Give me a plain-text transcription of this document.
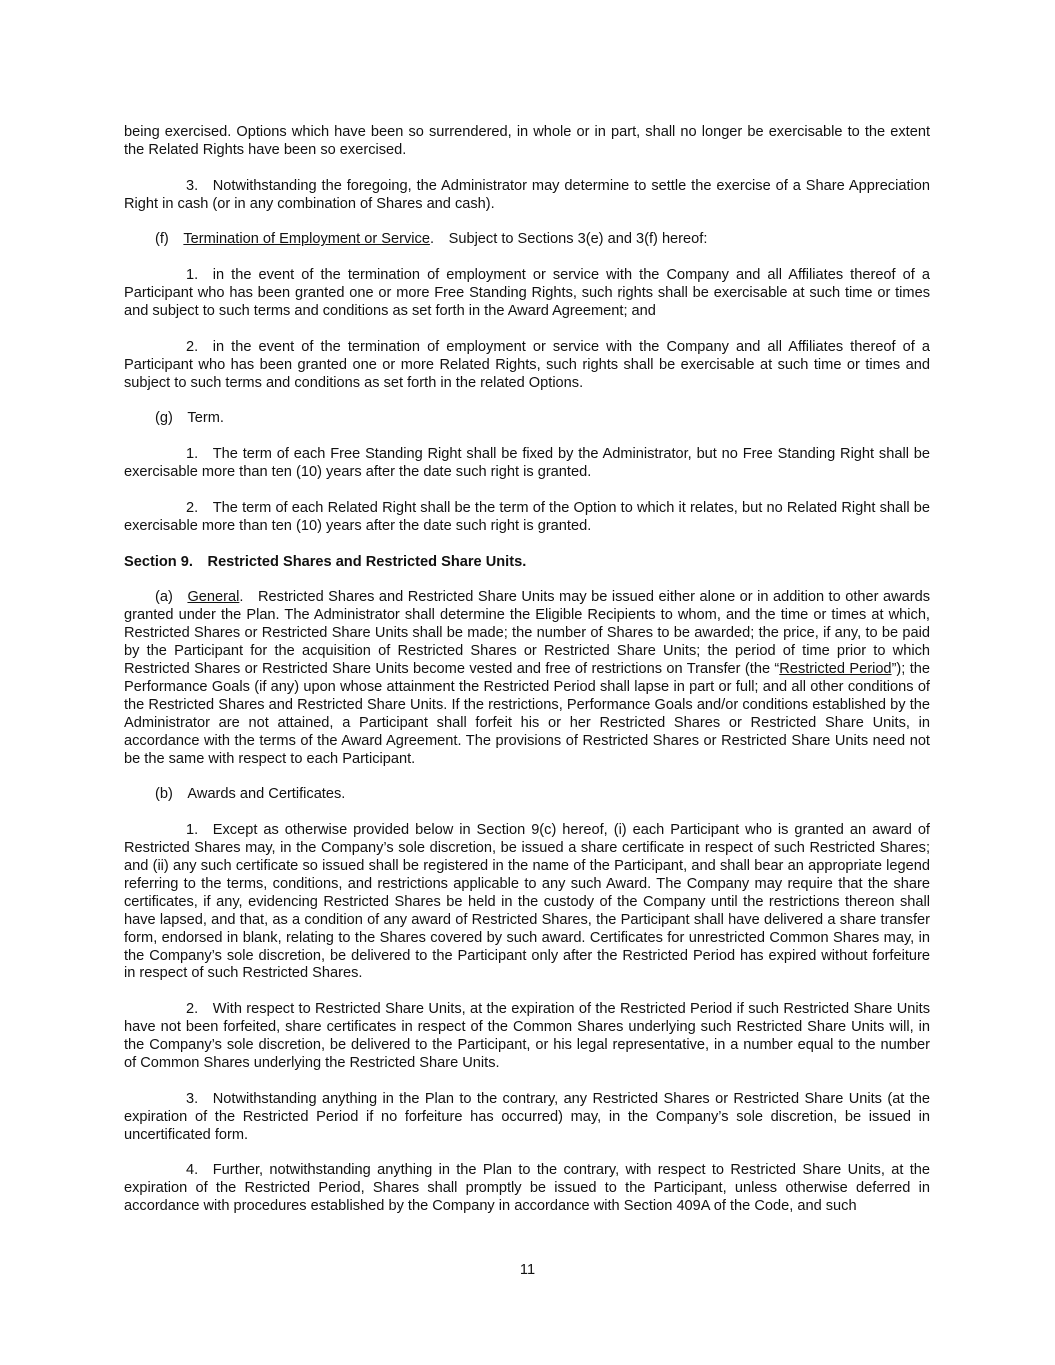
being exercised. Options which have been so surrendered, in whole or in part, shall no longer be exercisable to the extent the Related Rights have been so exercised.

3. Notwithstanding the foregoing, the Administrator may determine to settle the exercise of a Share Appreciation Right in cash (or in any combination of Shares and cash).

(f) Termination of Employment or Service. Subject to Sections 3(e) and 3(f) hereof:

1. in the event of the termination of employment or service with the Company and all Affiliates thereof of a Participant who has been granted one or more Free Standing Rights, such rights shall be exercisable at such time or times and subject to such terms and conditions as set forth in the Award Agreement; and

2. in the event of the termination of employment or service with the Company and all Affiliates thereof of a Participant who has been granted one or more Related Rights, such rights shall be exercisable at such time or times and subject to such terms and conditions as set forth in the related Options.

(g) Term.

1. The term of each Free Standing Right shall be fixed by the Administrator, but no Free Standing Right shall be exercisable more than ten (10) years after the date such right is granted.

2. The term of each Related Right shall be the term of the Option to which it relates, but no Related Right shall be exercisable more than ten (10) years after the date such right is granted.

Section 9. Restricted Shares and Restricted Share Units.

(a) General. Restricted Shares and Restricted Share Units may be issued either alone or in addition to other awards granted under the Plan. The Administrator shall determine the Eligible Recipients to whom, and the time or times at which, Restricted Shares or Restricted Share Units shall be made; the number of Shares to be awarded; the price, if any, to be paid by the Participant for the acquisition of Restricted Shares or Restricted Share Units; the period of time prior to which Restricted Shares or Restricted Share Units become vested and free of restrictions on Transfer (the “Restricted Period”); the Performance Goals (if any) upon whose attainment the Restricted Period shall lapse in part or full; and all other conditions of the Restricted Shares and Restricted Share Units. If the restrictions, Performance Goals and/or conditions established by the Administrator are not attained, a Participant shall forfeit his or her Restricted Shares or Restricted Share Units, in accordance with the terms of the Award Agreement. The provisions of Restricted Shares or Restricted Share Units need not be the same with respect to each Participant.

(b) Awards and Certificates.

1. Except as otherwise provided below in Section 9(c) hereof, (i) each Participant who is granted an award of Restricted Shares may, in the Company’s sole discretion, be issued a share certificate in respect of such Restricted Shares; and (ii) any such certificate so issued shall be registered in the name of the Participant, and shall bear an appropriate legend referring to the terms, conditions, and restrictions applicable to any such Award. The Company may require that the share certificates, if any, evidencing Restricted Shares be held in the custody of the Company until the restrictions thereon shall have lapsed, and that, as a condition of any award of Restricted Shares, the Participant shall have delivered a share transfer form, endorsed in blank, relating to the Shares covered by such award. Certificates for unrestricted Common Shares may, in the Company’s sole discretion, be delivered to the Participant only after the Restricted Period has expired without forfeiture in respect of such Restricted Shares.

2. With respect to Restricted Share Units, at the expiration of the Restricted Period if such Restricted Share Units have not been forfeited, share certificates in respect of the Common Shares underlying such Restricted Share Units will, in the Company’s sole discretion, be delivered to the Participant, or his legal representative, in a number equal to the number of Common Shares underlying the Restricted Share Units.

3. Notwithstanding anything in the Plan to the contrary, any Restricted Shares or Restricted Share Units (at the expiration of the Restricted Period if no forfeiture has occurred) may, in the Company’s sole discretion, be issued in uncertificated form.

4. Further, notwithstanding anything in the Plan to the contrary, with respect to Restricted Share Units, at the expiration of the Restricted Period, Shares shall promptly be issued to the Participant, unless otherwise deferred in accordance with procedures established by the Company in accordance with Section 409A of the Code, and such

11
